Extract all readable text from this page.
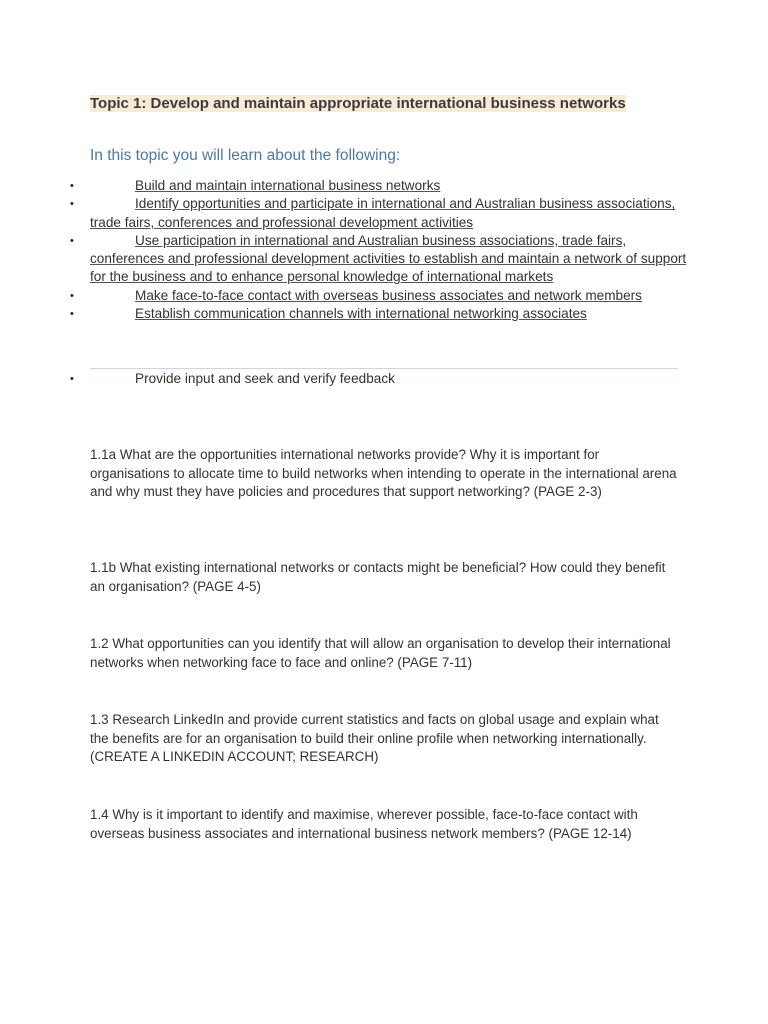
Topic 1: Develop and maintain appropriate international business networks
In this topic you will learn about the following:
•	Build and maintain international business networks
•	Identify opportunities and participate in international and Australian business associations, trade fairs, conferences and professional development activities
•	Use participation in international and Australian business associations, trade fairs, conferences and professional development activities to establish and maintain a network of support for the business and to enhance personal knowledge of international markets
•	Make face-to-face contact with overseas business associates and network members
•	Establish communication channels with international networking associates
•	Provide input and seek and verify feedback
1.1a What are the opportunities international networks provide? Why it is important for organisations to allocate time to build networks when intending to operate in the international arena and why must they have policies and procedures that support networking? (PAGE 2-3)
1.1b What existing international networks or contacts might be beneficial? How could they benefit an organisation? (PAGE 4-5)
1.2 What opportunities can you identify that will allow an organisation to develop their international networks when networking face to face and online? (PAGE 7-11)
1.3 Research LinkedIn and provide current statistics and facts on global usage and explain what the benefits are for an organisation to build their online profile when networking internationally. (CREATE A LINKEDIN ACCOUNT; RESEARCH)
1.4 Why is it important to identify and maximise, wherever possible, face-to-face contact with overseas business associates and international business network members? (PAGE 12-14)
